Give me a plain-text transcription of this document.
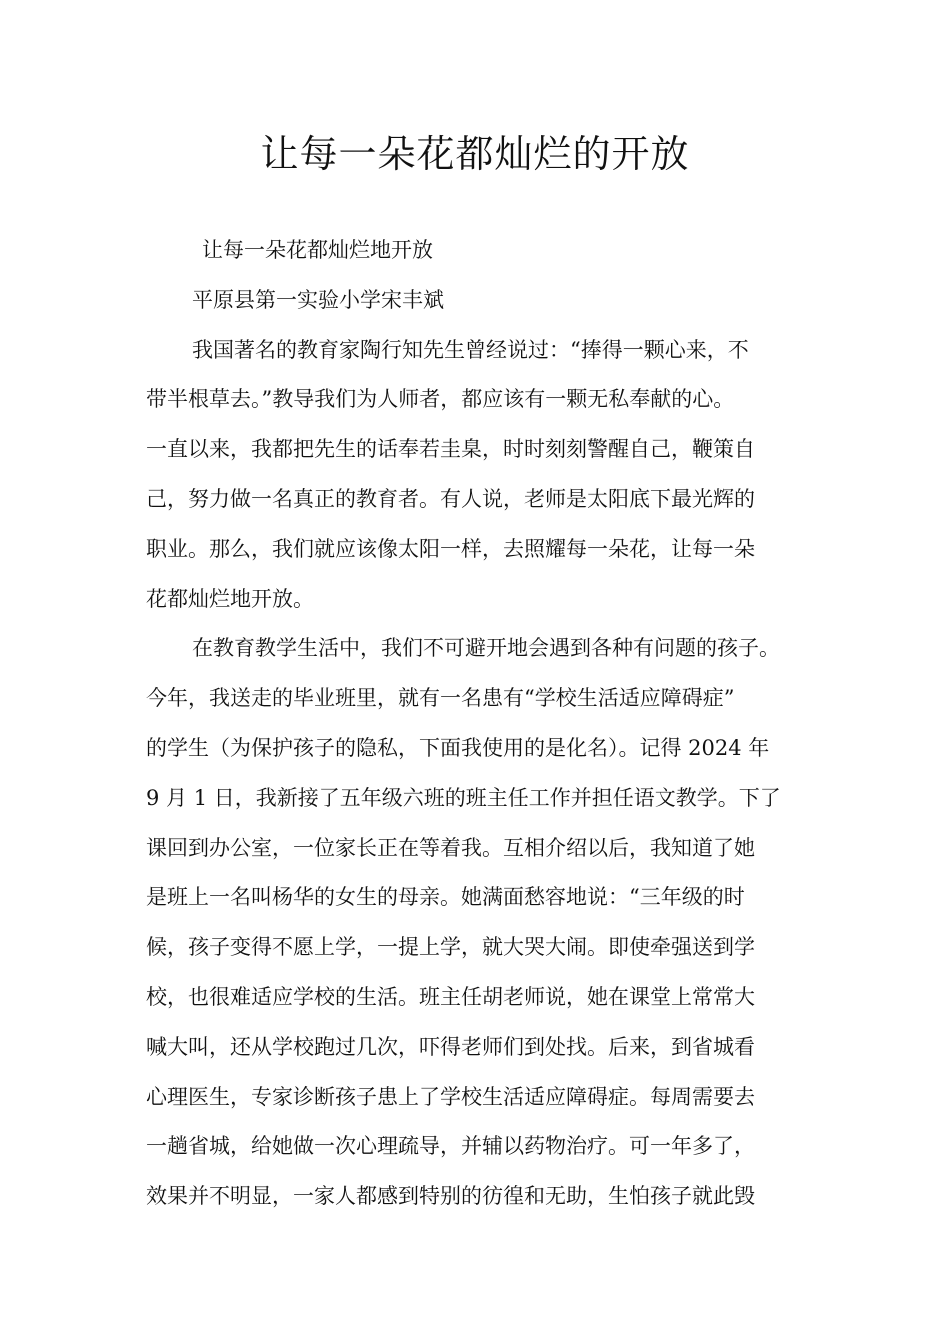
让每一朵花都灿烂的开放
让每一朵花都灿烂地开放
平原县第一实验小学宋丰斌
我国著名的教育家陶行知先生曾经说过：“捧得一颗心来，不
带半根草去。”教导我们为人师者，都应该有一颗无私奉献的心。
一直以来，我都把先生的话奉若圭臬，时时刻刻警醒自己，鞭策自
己，努力做一名真正的教育者。有人说，老师是太阳底下最光辉的
职业。那么，我们就应该像太阳一样，去照耀每一朵花，让每一朵
花都灿烂地开放。
在教育教学生活中，我们不可避开地会遇到各种有问题的孩子。
今年，我送走的毕业班里，就有一名患有“学校生活适应障碍症”
的学生（为保护孩子的隐私，下面我使用的是化名）。记得 2024 年
9 月 1 日，我新接了五年级六班的班主任工作并担任语文教学。下了
课回到办公室，一位家长正在等着我。互相介绍以后，我知道了她
是班上一名叫杨华的女生的母亲。她满面愁容地说：“三年级的时
候，孩子变得不愿上学，一提上学，就大哭大闹。即使牵强送到学
校，也很难适应学校的生活。班主任胡老师说，她在课堂上常常大
喊大叫，还从学校跑过几次，吓得老师们到处找。后来，到省城看
心理医生，专家诊断孩子患上了学校生活适应障碍症。每周需要去
一趟省城，给她做一次心理疏导，并辅以药物治疗。可一年多了，
效果并不明显，一家人都感到特别的彷徨和无助，生怕孩子就此毁
